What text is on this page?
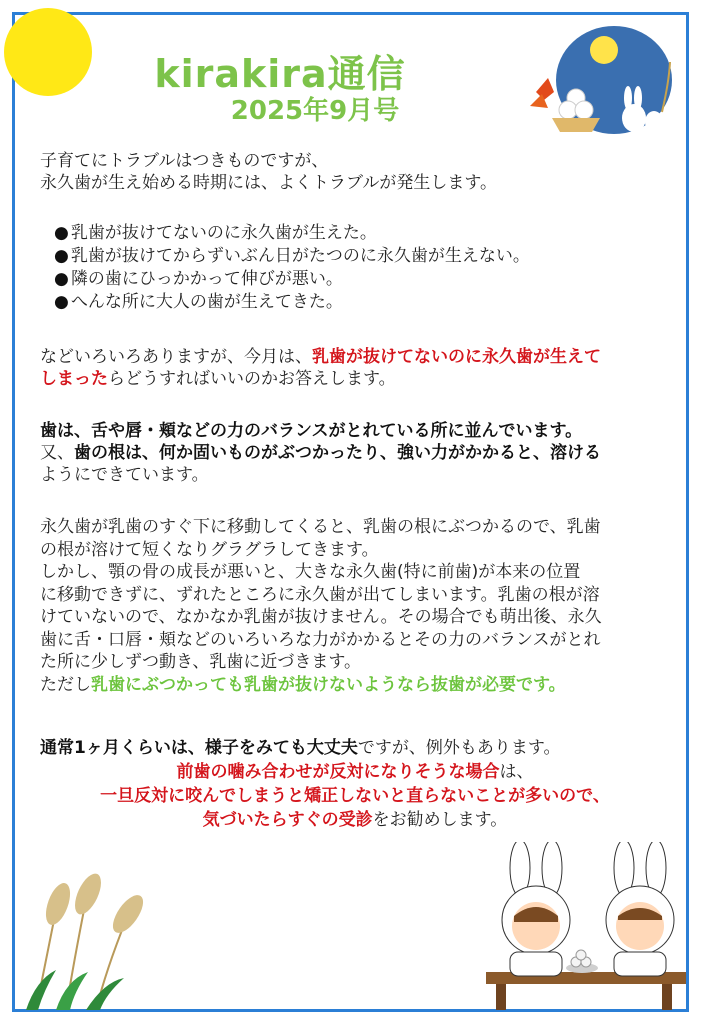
kirakira通信
2025年9月号
子育てにトラブルはつきものですが、
永久歯が生え始める時期には、よくトラブルが発生します。
● 乳歯が抜けてないのに永久歯が生えた。
● 乳歯が抜けてからずいぶん日がたつのに永久歯が生えない。
● 隣の歯にひっかかって伸びが悪い。
● へんな所に大人の歯が生えてきた。
などいろいろありますが、今月は、乳歯が抜けてないのに永久歯が生えて
しまったらどうすればいいのかお答えします。
歯は、舌や唇・頬などの力のバランスがとれている所に並んでいます。
又、歯の根は、何か固いものがぶつかったり、強い力がかかると、溶ける
ようにできています。
永久歯が乳歯のすぐ下に移動してくると、乳歯の根にぶつかるので、乳歯
の根が溶けて短くなりグラグラしてきます。
しかし、顎の骨の成長が悪いと、大きな永久歯(特に前歯)が本来の位置
に移動できずに、ずれたところに永久歯が出てしまいます。乳歯の根が溶
けていないので、なかなか乳歯が抜けません。その場合でも萌出後、永久
歯に舌・口唇・頬などのいろいろな力がかかるとその力のバランスがとれ
た所に少しずつ動き、乳歯に近づきます。
ただし乳歯にぶつかっても乳歯が抜けないようなら抜歯が必要です。
通常1ヶ月くらいは、様子をみても大丈夫ですが、例外もあります。
前歯の噛み合わせが反対になりそうな場合は、
一旦反対に咬んでしまうと矯正しないと直らないことが多いので、
気づいたらすぐの受診をお勧めします。
